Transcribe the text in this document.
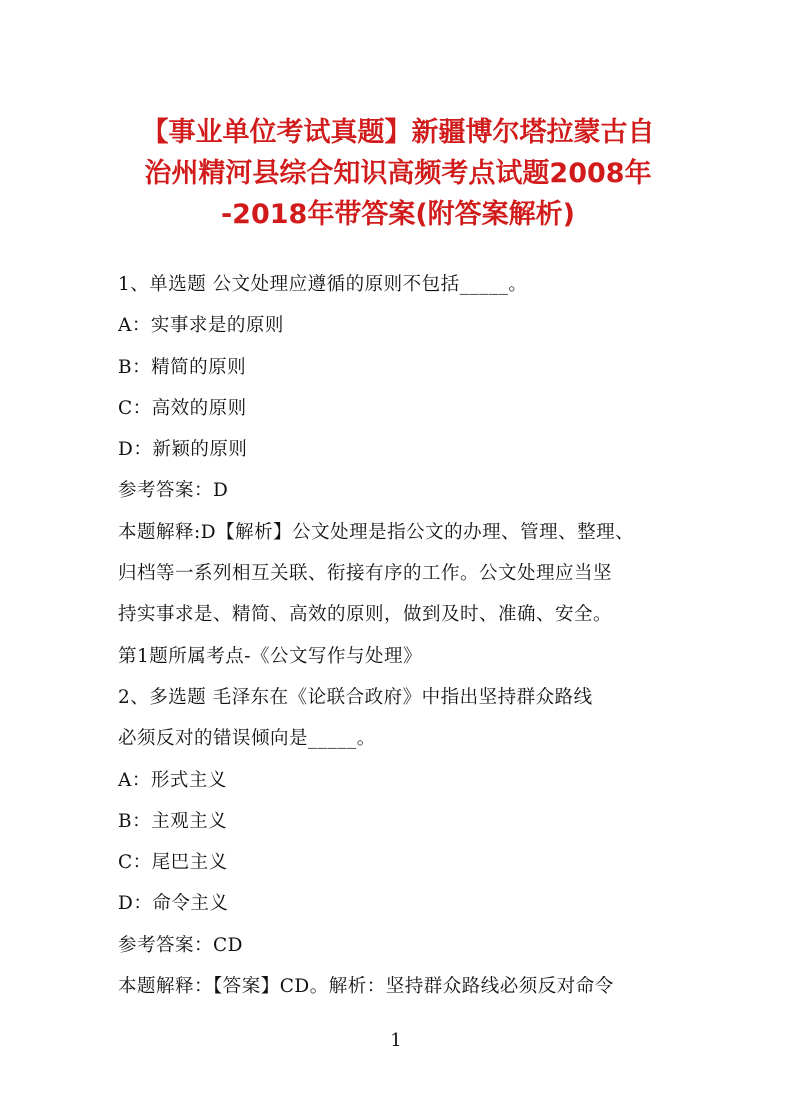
【事业单位考试真题】新疆博尔塔拉蒙古自
治州精河县综合知识高频考点试题2008年
-2018年带答案(附答案解析)
1、单选题 公文处理应遵循的原则不包括_____。
A：实事求是的原则
B：精简的原则
C：高效的原则
D：新颖的原则
参考答案：D
本题解释:D【解析】公文处理是指公文的办理、管理、整理、
归档等一系列相互关联、衔接有序的工作。公文处理应当坚
持实事求是、精简、高效的原则，做到及时、准确、安全。
第1题所属考点-《公文写作与处理》
2、多选题 毛泽东在《论联合政府》中指出坚持群众路线
必须反对的错误倾向是_____。
A：形式主义
B：主观主义
C：尾巴主义
D：命令主义
参考答案：CD
本题解释：【答案】CD。解析：坚持群众路线必须反对命令
1
